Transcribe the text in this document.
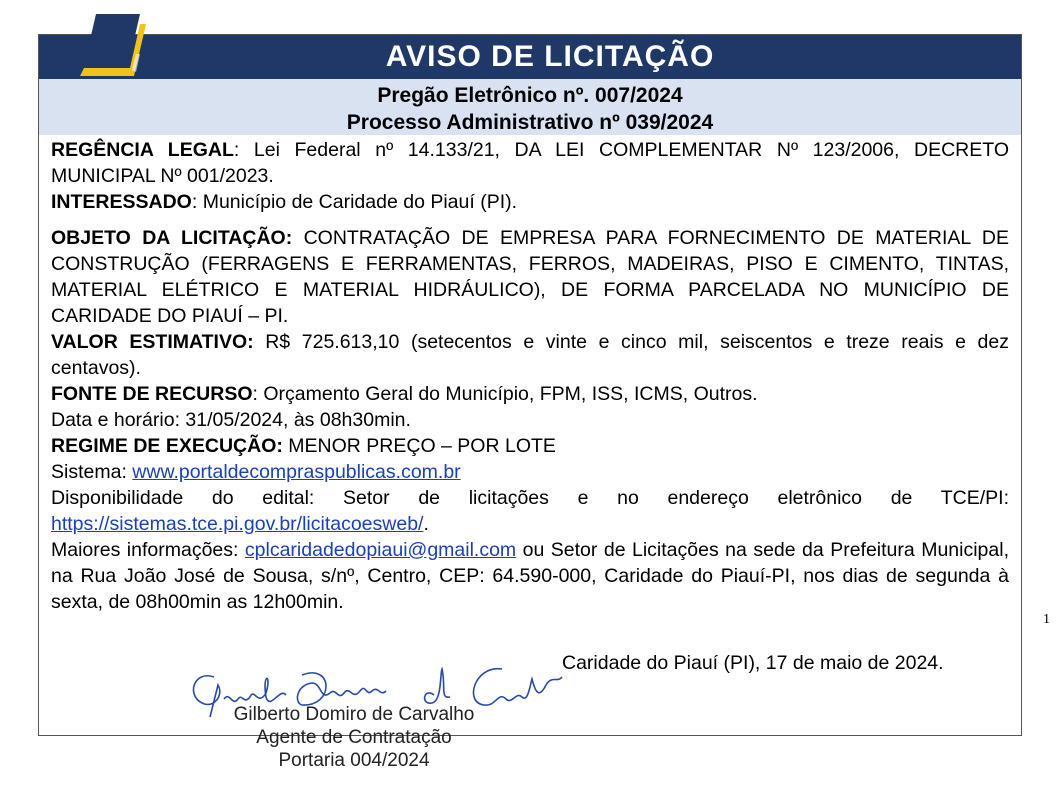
AVISO DE LICITAÇÃO
Pregão Eletrônico nº. 007/2024
Processo Administrativo nº 039/2024

REGÊNCIA LEGAL: Lei Federal nº 14.133/21, DA LEI COMPLEMENTAR Nº 123/2006, DECRETO MUNICIPAL Nº 001/2023.

INTERESSADO: Município de Caridade do Piauí (PI).

OBJETO DA LICITAÇÃO: CONTRATAÇÃO DE EMPRESA PARA FORNECIMENTO DE MATERIAL DE CONSTRUÇÃO (FERRAGENS E FERRAMENTAS, FERROS, MADEIRAS, PISO E CIMENTO, TINTAS, MATERIAL ELÉTRICO E MATERIAL HIDRÁULICO), DE FORMA PARCELADA NO MUNICÍPIO DE CARIDADE DO PIAUÍ – PI.

VALOR ESTIMATIVO: R$ 725.613,10 (setecentos e vinte e cinco mil, seiscentos e treze reais e dez centavos).

FONTE DE RECURSO: Orçamento Geral do Município, FPM, ISS, ICMS, Outros.

Data e horário: 31/05/2024, às 08h30min.

REGIME DE EXECUÇÃO: MENOR PREÇO – POR LOTE

Sistema: www.portaldecompraspublicas.com.br

Disponibilidade do edital: Setor de licitações e no endereço eletrônico de TCE/PI: https://sistemas.tce.pi.gov.br/licitacoesweb/.

Maiores informações: cplcaridadedopiaui@gmail.com ou Setor de Licitações na sede da Prefeitura Municipal, na Rua João José de Sousa, s/nº, Centro, CEP: 64.590-000, Caridade do Piauí-PI, nos dias de segunda à sexta, de 08h00min as 12h00min.

Gilberto Domiro de Carvalho
Agente de Contratação
Portaria 004/2024
Caridade do Piauí (PI), 17 de maio de 2024.
1
